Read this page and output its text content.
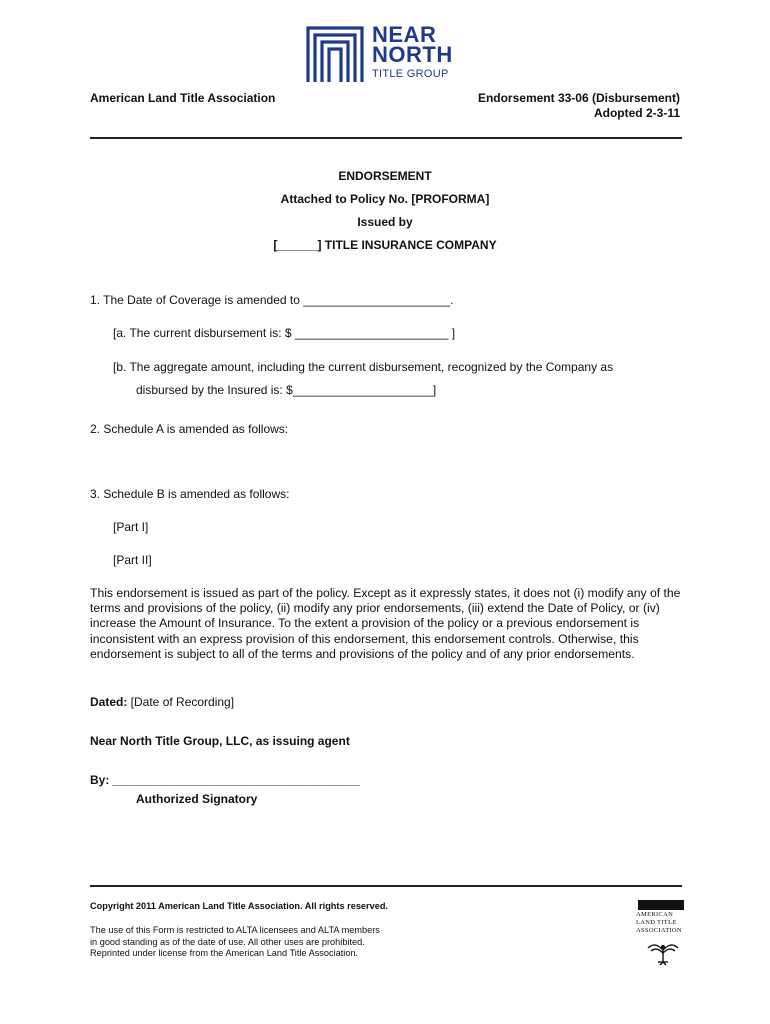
NEAR
NORTH
TITLE GROUP
American Land Title Association	Endorsement 33-06 (Disbursement)
Adopted 2-3-11
ENDORSEMENT
Attached to Policy No. [PROFORMA]
Issued by
[______] TITLE INSURANCE COMPANY
1. The Date of Coverage is amended to ______________________.
[a. The current disbursement is: $ _______________________ ]
[b. The aggregate amount, including the current disbursement, recognized by the Company as
disbursed by the Insured is: $_____________________]
2. Schedule A is amended as follows:
3. Schedule B is amended as follows:
[Part I]
[Part II]
This endorsement is issued as part of the policy. Except as it expressly states, it does not (i) modify any of the terms and provisions of the policy, (ii) modify any prior endorsements, (iii) extend the Date of Policy, or (iv) increase the Amount of Insurance. To the extent a provision of the policy or a previous endorsement is inconsistent with an express provision of this endorsement, this endorsement controls. Otherwise, this endorsement is subject to all of the terms and provisions of the policy and of any prior endorsements.
Dated: [Date of Recording]
Near North Title Group, LLC, as issuing agent
By: _____________________________________
Authorized Signatory
Copyright 2011 American Land Title Association. All rights reserved.
The use of this Form is restricted to ALTA licensees and ALTA members
in good standing as of the date of use. All other uses are prohibited.
Reprinted under license from the American Land Title Association.
AMERICAN
LAND TITLE
ASSOCIATION
